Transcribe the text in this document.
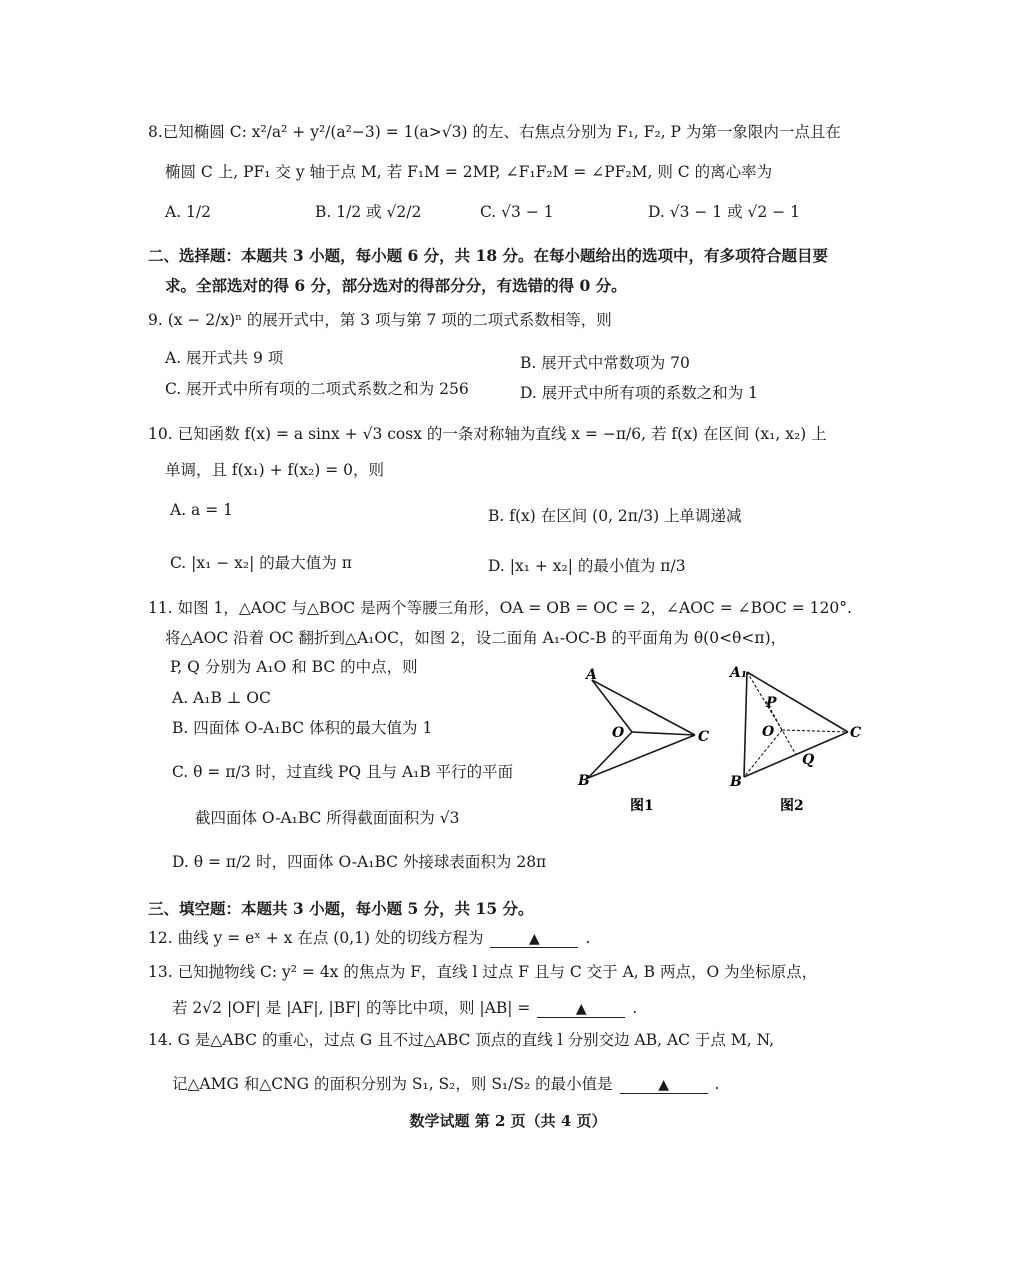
8.已知椭圆 C: x²/a² + y²/(a²−3) = 1(a>√3) 的左、右焦点分别为 F₁, F₂, P 为第一象限内一点且在
椭圆 C 上, PF₁ 交 y 轴于点 M, 若 F₁M = 2MP, ∠F₁F₂M = ∠PF₂M, 则 C 的离心率为
A. 1/2	B. 1/2 或 √2/2	C. √3 − 1	D. √3 − 1 或 √2 − 1
二、选择题：本题共 3 小题，每小题 6 分，共 18 分。在每小题给出的选项中，有多项符合题目要
求。全部选对的得 6 分，部分选对的得部分分，有选错的得 0 分。
9. (x − 2/x)ⁿ 的展开式中，第 3 项与第 7 项的二项式系数相等，则
A. 展开式共 9 项	B. 展开式中常数项为 70
C. 展开式中所有项的二项式系数之和为 256	D. 展开式中所有项的系数之和为 1
10. 已知函数 f(x) = a sinx + √3 cosx 的一条对称轴为直线 x = −π/6, 若 f(x) 在区间 (x₁, x₂) 上
单调，且 f(x₁) + f(x₂) = 0，则
A. a = 1	B. f(x) 在区间 (0, 2π/3) 上单调递减
C. |x₁ − x₂| 的最大值为 π	D. |x₁ + x₂| 的最小值为 π/3
11. 如图 1，△AOC 与△BOC 是两个等腰三角形，OA = OB = OC = 2，∠AOC = ∠BOC = 120°.
将△AOC 沿着 OC 翻折到△A₁OC，如图 2，设二面角 A₁-OC-B 的平面角为 θ(0<θ<π)，
P, Q 分别为 A₁O 和 BC 的中点，则
A. A₁B ⊥ OC
B. 四面体 O-A₁BC 体积的最大值为 1
C. θ = π/3 时，过直线 PQ 且与 A₁B 平行的平面
截四面体 O-A₁BC 所得截面面积为 √3
D. θ = π/2 时，四面体 O-A₁BC 外接球表面积为 28π
A
O	C
B
A₁
P
O	C
Q
B
图1	图2
三、填空题：本题共 3 小题，每小题 5 分，共 15 分。
12. 曲线 y = eˣ + x 在点 (0,1) 处的切线方程为	▲	.
13. 已知抛物线 C: y² = 4x 的焦点为 F，直线 l 过点 F 且与 C 交于 A, B 两点，O 为坐标原点，
若 2√2 |OF| 是 |AF|, |BF| 的等比中项，则 |AB| =	▲	.
14. G 是△ABC 的重心，过点 G 且不过△ABC 顶点的直线 l 分别交边 AB, AC 于点 M, N,
记△AMG 和△CNG 的面积分别为 S₁, S₂，则 S₁/S₂ 的最小值是	▲	.
数学试题 第 2 页（共 4 页）
